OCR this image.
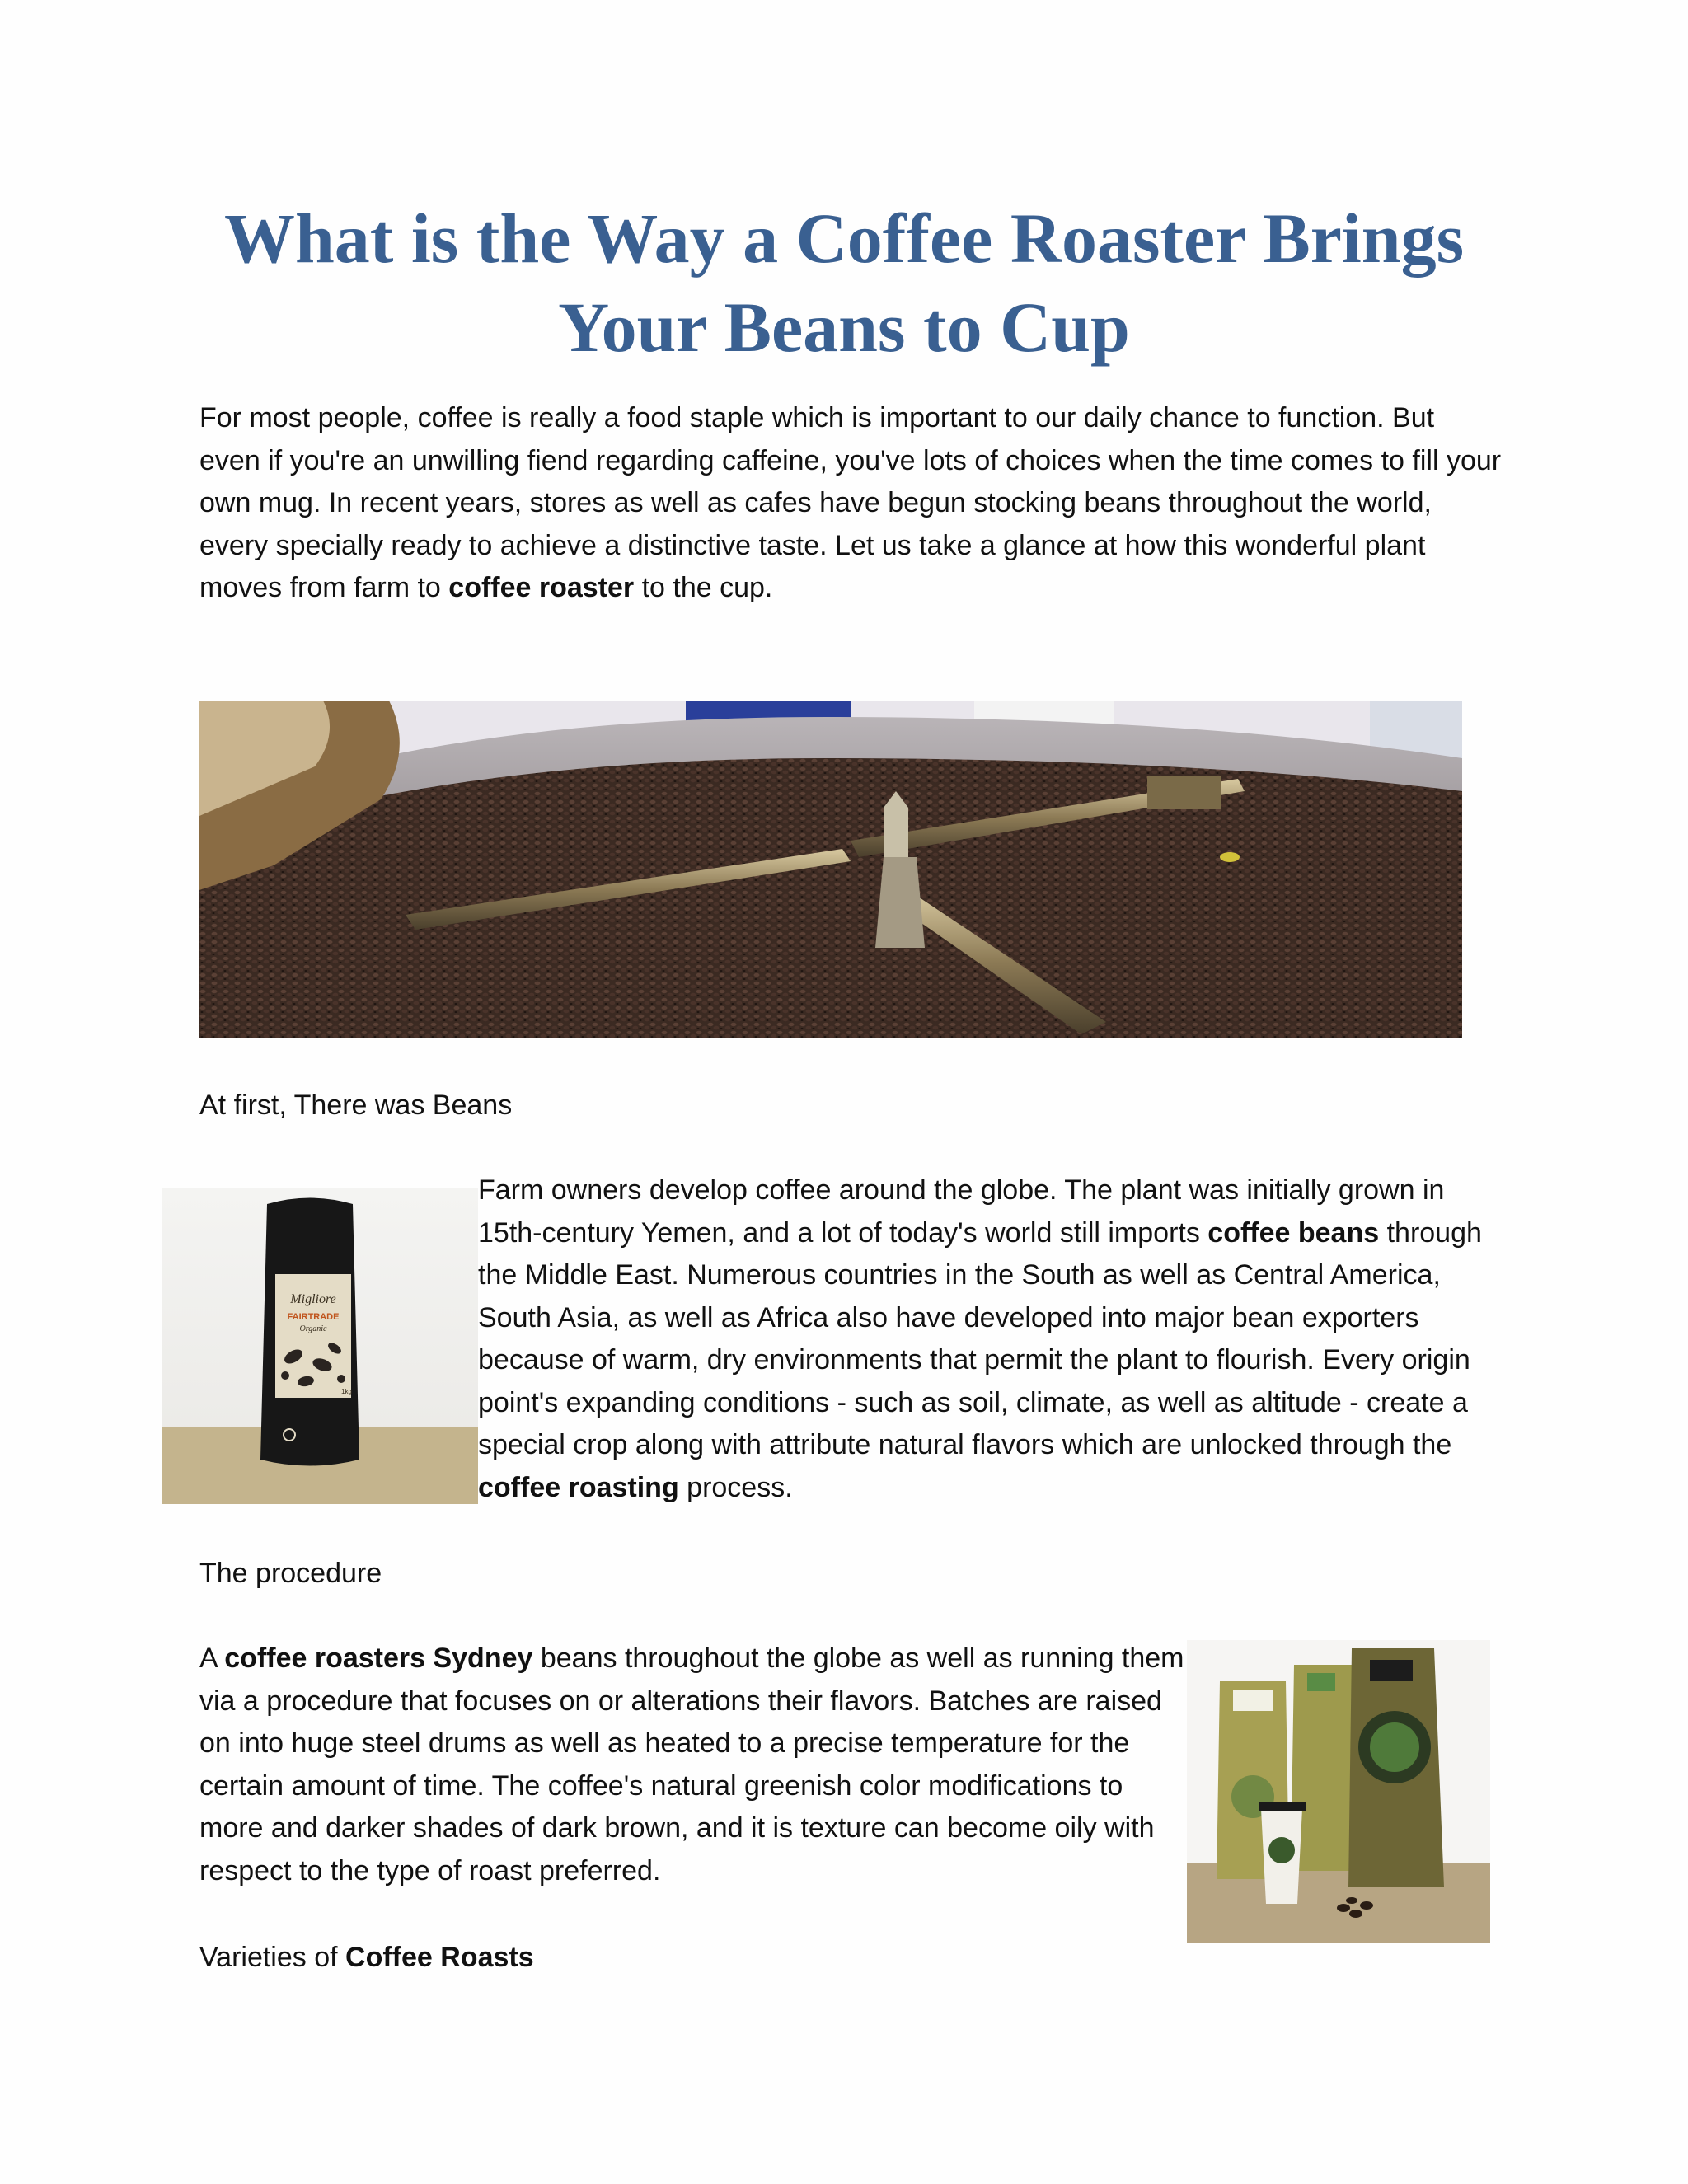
What is the Way a Coffee Roaster Brings Your Beans to Cup

For most people, coffee is really a food staple which is important to our daily chance to function. But even if you're an unwilling fiend regarding caffeine, you've lots of choices when the time comes to fill your own mug. In recent years, stores as well as cafes have begun stocking beans throughout the world, every specially ready to achieve a distinctive taste. Let us take a glance at how this wonderful plant moves from farm to coffee roaster to the cup.

At first, There was Beans

Migliore
FAIRTRADE
Organic
1kg

Farm owners develop coffee around the globe. The plant was initially grown in 15th-century Yemen, and a lot of today's world still imports coffee beans through the Middle East. Numerous countries in the South as well as Central America, South Asia, as well as Africa also have developed into major bean exporters because of warm, dry environments that permit the plant to flourish. Every origin point's expanding conditions - such as soil, climate, as well as altitude - create a special crop along with attribute natural flavors which are unlocked through the coffee roasting process.

The procedure

A coffee roasters Sydney beans throughout the globe as well as running them via a procedure that focuses on or alterations their flavors. Batches are raised on into huge steel drums as well as heated to a precise temperature for the certain amount of time. The coffee's natural greenish color modifications to more and darker shades of dark brown, and it is texture can become oily with respect to the type of roast preferred.

Varieties of Coffee Roasts
